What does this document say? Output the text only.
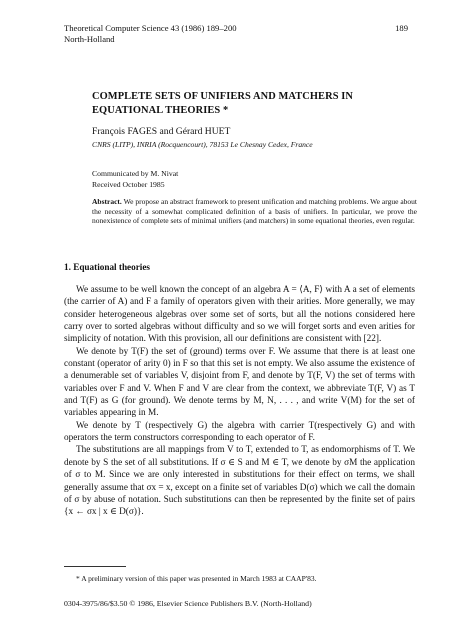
Theoretical Computer Science 43 (1986) 189–200
North-Holland
189
COMPLETE SETS OF UNIFIERS AND MATCHERS IN
EQUATIONAL THEORIES *
François FAGES and Gérard HUET
CNRS (LITP), INRIA (Rocquencourt), 78153 Le Chesnay Cedex, France
Communicated by M. Nivat
Received October 1985
Abstract. We propose an abstract framework to present unification and matching problems. We argue about the necessity of a somewhat complicated definition of a basis of unifiers. In particular, we prove the nonexistence of complete sets of minimal unifiers (and matchers) in some equational theories, even regular.
1. Equational theories

We assume to be well known the concept of an algebra A = ⟨A, F⟩ with A a set of elements (the carrier of A) and F a family of operators given with their arities. More generally, we may consider heterogeneous algebras over some set of sorts, but all the notions considered here carry over to sorted algebras without difficulty and so we will forget sorts and even arities for simplicity of notation. With this provision, all our definitions are consistent with [22].

We denote by T(F) the set of (ground) terms over F. We assume that there is at least one constant (operator of arity 0) in F so that this set is not empty. We also assume the existence of a denumerable set of variables V, disjoint from F, and denote by T(F, V) the set of terms with variables over F and V. When F and V are clear from the context, we abbreviate T(F, V) as T and T(F) as G (for ground). We denote terms by M, N, . . . , and write V(M) for the set of variables appearing in M.

We denote by T (respectively G) the algebra with carrier T(respectively G) and with operators the term constructors corresponding to each operator of F.

The substitutions are all mappings from V to T, extended to T, as endomorphisms of T. We denote by S the set of all substitutions. If σ ∈ S and M ∈ T, we denote by σM the application of σ to M. Since we are only interested in substitutions for their effect on terms, we shall generally assume that σx = x, except on a finite set of variables D(σ) which we call the domain of σ by abuse of notation. Such substitutions can then be represented by the finite set of pairs {x ← σx | x ∈ D(σ)}.

* A preliminary version of this paper was presented in March 1983 at CAAP'83.
0304-3975/86/$3.50 © 1986, Elsevier Science Publishers B.V. (North-Holland)
